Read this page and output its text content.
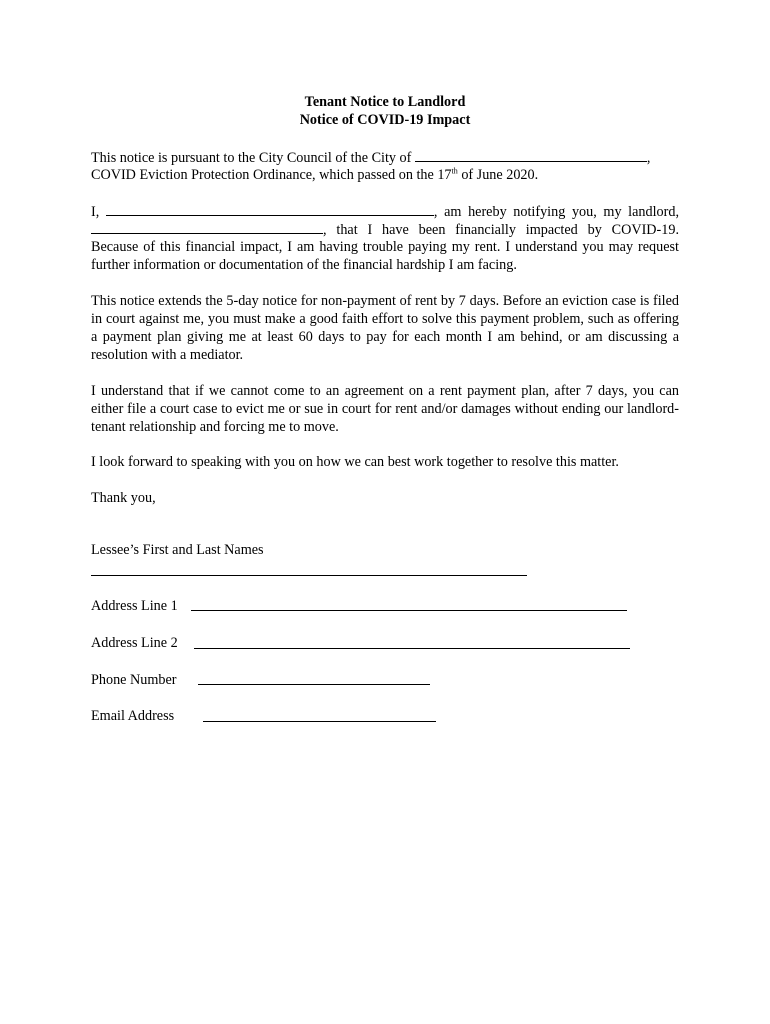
Tenant Notice to Landlord
Notice of COVID-19 Impact
This notice is pursuant to the City Council of the City of	,
COVID Eviction Protection Ordinance, which passed on the 17th of June 2020.
I,	, am hereby notifying you, my landlord,
, that I have been financially impacted by COVID-19.
Because of this financial impact, I am having trouble paying my rent. I understand you may request further information or documentation of the financial hardship I am facing.
This notice extends the 5-day notice for non-payment of rent by 7 days. Before an eviction case is filed in court against me, you must make a good faith effort to solve this payment problem, such as offering a payment plan giving me at least 60 days to pay for each month I am behind, or am discussing a resolution with a mediator.
I understand that if we cannot come to an agreement on a rent payment plan, after 7 days, you can either file a court case to evict me or sue in court for rent and/or damages without ending our landlord-tenant relationship and forcing me to move.
I look forward to speaking with you on how we can best work together to resolve this matter.
Thank you,
Lessee’s First and Last Names
Address Line 1
Address Line 2
Phone Number
Email Address
